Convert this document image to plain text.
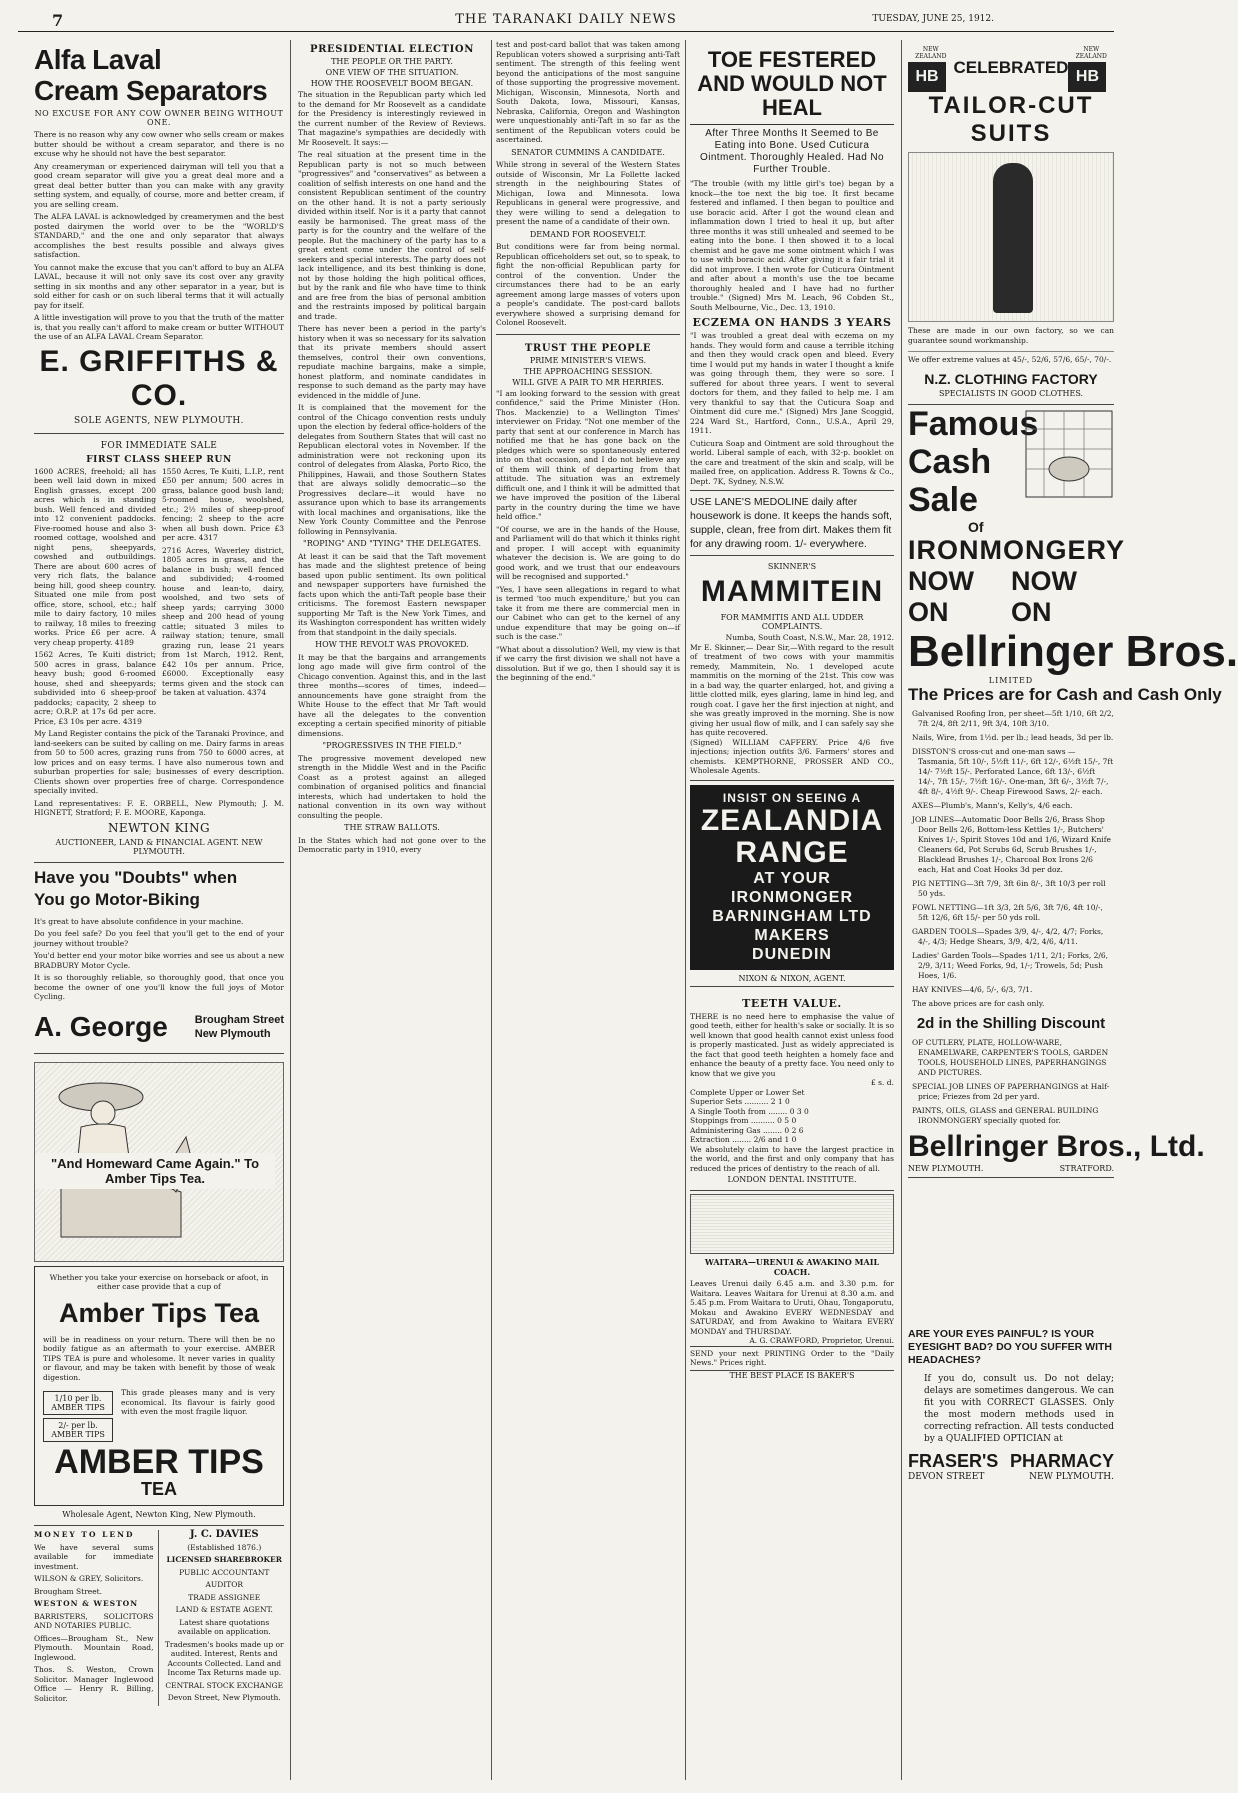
7	THE TARANAKI DAILY NEWS	TUESDAY, JUNE 25, 1912.
Alfa Laval
Cream Separators
NO EXCUSE FOR ANY COW OWNER BEING WITHOUT ONE.

There is no reason why any cow owner who sells cream or makes butter should be without a cream separator, and there is no excuse why he should not have the best separator.

Any creameryman or experienced dairyman will tell you that a good cream separator will give you a great deal more and a great deal better butter than you can make with any gravity setting system, and equally, of course, more and better cream, if you are selling cream.

The ALFA LAVAL is acknowledged by creamerymen and the best posted dairymen the world over to be the "WORLD'S STANDARD," and the one and only separator that always accomplishes the best results possible and always gives satisfaction.

You cannot make the excuse that you can't afford to buy an ALFA LAVAL, because it will not only save its cost over any gravity setting in six months and any other separator in a year, but is sold either for cash or on such liberal terms that it will actually pay for itself.

A little investigation will prove to you that the truth of the matter is, that you really can't afford to make cream or butter WITHOUT the use of an ALFA LAVAL Cream Separator.

E. GRIFFITHS & CO.
SOLE AGENTS, NEW PLYMOUTH.
FOR IMMEDIATE SALE
FIRST CLASS SHEEP RUN

1600 ACRES, freehold; all has been well laid down in mixed English grasses, except 200 acres which is in standing bush. Well fenced and divided into 12 convenient paddocks. Five-roomed house and also 3-roomed cottage, woolshed and night pens, sheepyards, cowshed and outbuildings. There are about 600 acres of very rich flats, the balance being hill, good sheep country. Situated one mile from post office, store, school, etc.; half mile to dairy factory, 10 miles to railway, 18 miles to freezing works. Price £6 per acre. A very cheap property. 4189

1562 Acres, Te Kuiti district; 500 acres in grass, balance heavy bush; good 6-roomed house, shed and sheepyards; subdivided into 6 sheep-proof paddocks; capacity, 2 sheep to acre; O.R.P. at 17s 6d per acre. Price, £3 10s per acre. 4319

1550 Acres, Te Kuiti, L.I.P., rent £50 per annum; 500 acres in grass, balance good bush land; 5-roomed house, woolshed, etc.; 2½ miles of sheep-proof fencing; 2 sheep to the acre when all bush down. Price £3 per acre. 4317

2716 Acres, Waverley district, 1805 acres in grass, and the balance in bush; well fenced and subdivided; 4-roomed house and lean-to, dairy, woolshed, and two sets of sheep yards; carrying 3000 sheep and 200 head of young cattle; situated 3 miles to railway station; tenure, small grazing run, lease 21 years from 1st March, 1912. Rent, £42 10s per annum. Price, £6000. Exceptionally easy terms given and the stock can be taken at valuation. 4374

My Land Register contains the pick of the Taranaki Province, and land-seekers can be suited by calling on me. Dairy farms in areas from 50 to 500 acres, grazing runs from 750 to 6000 acres, at low prices and on easy terms. I have also numerous town and suburban properties for sale; businesses of every description. Clients shown over properties free of charge. Correspondence specially invited.

Land representatives: F. E. ORBELL, New Plymouth; J. M. HIGNETT, Stratford; F. E. MOORE, Kaponga.

NEWTON KING
AUCTIONEER, LAND & FINANCIAL AGENT. NEW PLYMOUTH.
Have you "Doubts" when
You go Motor-Biking

It's great to have absolute confidence in your machine.

Do you feel safe? Do you feel that you'll get to the end of your journey without trouble?

You'd better end your motor bike worries and see us about a new BRADBURY Motor Cycle.

It is so thoroughly reliable, so thoroughly good, that once you become the owner of one you'll know the full joys of Motor Cycling.

A. George Brougham Street
New Plymouth
"And Homeward Came Again." To Amber Tips Tea.
Whether you take your exercise on horseback or afoot, in either case provide that a cup of
Amber Tips Tea
will be in readiness on your return. There will then be no bodily fatigue as an aftermath to your exercise. AMBER TIPS TEA is pure and wholesome. It never varies in quality or flavour, and may be taken with benefit by those of weak digestion.
1/10 per lb. AMBER TIPS
2/- per lb. AMBER TIPS
This grade pleases many and is very economical. Its flavour is fairly good with even the most fragile liquor.
AMBER TIPS
TEA
Wholesale Agent, Newton King, New Plymouth.

MONEY TO LEND

We have several sums available for immediate investment.

WILSON & GREY, Solicitors.

Brougham Street.

WESTON & WESTON

BARRISTERS, SOLICITORS AND NOTARIES PUBLIC.

Offices—Brougham St., New Plymouth. Mountain Road, Inglewood.

Thos. S. Weston, Crown Solicitor. Manager Inglewood Office — Henry R. Billing, Solicitor.

J. C. DAVIES

(Established 1876.)

LICENSED SHAREBROKER

PUBLIC ACCOUNTANT

AUDITOR

TRADE ASSIGNEE

LAND & ESTATE AGENT.

Latest share quotations available on application.

Tradesmen's books made up or audited. Interest, Rents and Accounts Collected. Land and Income Tax Returns made up.

CENTRAL STOCK EXCHANGE

Devon Street, New Plymouth.

PRESIDENTIAL ELECTION
THE PEOPLE OR THE PARTY.
ONE VIEW OF THE SITUATION.
HOW THE ROOSEVELT BOOM BEGAN.

The situation in the Republican party which led to the demand for Mr Roosevelt as a candidate for the Presidency is interestingly reviewed in the current number of the Review of Reviews. That magazine's sympathies are decidedly with Mr Roosevelt. It says:—

The real situation at the present time in the Republican party is not so much between "progressives" and "conservatives" as between a coalition of selfish interests on one hand and the consistent Republican sentiment of the country on the other hand. It is not a party seriously divided within itself. Nor is it a party that cannot easily be harmonised. The great mass of the party is for the country and the welfare of the people. But the machinery of the party has to a great extent come under the control of self-seekers and special interests. The party does not lack intelligence, and its best thinking is done, not by those holding the high political offices, but by the rank and file who have time to think and are free from the bias of personal ambition and the restraints imposed by political bargain and trade.

There has never been a period in the party's history when it was so necessary for its salvation that its private members should assert themselves, control their own conventions, repudiate machine bargains, make a simple, honest platform, and nominate candidates in response to such demand as the party may have evidenced in the middle of June.

It is complained that the movement for the control of the Chicago convention rests unduly upon the election by federal office-holders of the delegates from Southern States that will cast no Republican electoral votes in November. If the administration were not reckoning upon its control of delegates from Alaska, Porto Rico, the Philippines, Hawaii, and those Southern States that are always solidly democratic—so the Progressives declare—it would have no assurance upon which to base its arrangements with local machines and organisations, like the New York County Committee and the Penrose following in Pennsylvania.

"ROPING" AND "TYING" THE DELEGATES.

At least it can be said that the Taft movement has made and the slightest pretence of being based upon public sentiment. Its own political and newspaper supporters have furnished the facts upon which the anti-Taft people base their criticisms. The foremost Eastern newspaper supporting Mr Taft is the New York Times, and its Washington correspondent has written widely from that standpoint in the daily specials.

HOW THE REVOLT WAS PROVOKED.

It may be that the bargains and arrangements long ago made will give firm control of the Chicago convention. Against this, and in the last three months—scores of times, indeed—announcements have gone straight from the White House to the effect that Mr Taft would have all the delegates to the convention excepting a certain specified minority of pitiable dimensions.

"PROGRESSIVES IN THE FIELD."

The progressive movement developed new strength in the Middle West and in the Pacific Coast as a protest against an alleged combination of organised politics and financial interests, which had undertaken to hold the national convention in its own way without consulting the people.

THE STRAW BALLOTS.

In the States which had not gone over to the Democratic party in 1910, every

test and post-card ballot that was taken among Republican voters showed a surprising anti-Taft sentiment. The strength of this feeling went beyond the anticipations of the most sanguine of those supporting the progressive movement. Michigan, Wisconsin, Minnesota, North and South Dakota, Iowa, Missouri, Kansas, Nebraska, California, Oregon and Washington were unquestionably anti-Taft in so far as the sentiment of the Republican voters could be ascertained.

SENATOR CUMMINS A CANDIDATE.

While strong in several of the Western States outside of Wisconsin, Mr La Follette lacked strength in the neighbouring States of Michigan, Iowa and Minnesota. Iowa Republicans in general were progressive, and they were willing to send a delegation to present the name of a candidate of their own.

DEMAND FOR ROOSEVELT.

But conditions were far from being normal. Republican officeholders set out, so to speak, to fight the non-official Republican party for control of the convention. Under the circumstances there had to be an early agreement among large masses of voters upon a people's candidate. The post-card ballots everywhere showed a surprising demand for Colonel Roosevelt.

TRUST THE PEOPLE
PRIME MINISTER'S VIEWS.
THE APPROACHING SESSION.
WILL GIVE A PAIR TO MR HERRIES.

"I am looking forward to the session with great confidence," said the Prime Minister (Hon. Thos. Mackenzie) to a Wellington Times' interviewer on Friday. "Not one member of the party that sent at our conference in March has notified me that he has gone back on the pledges which were so spontaneously entered into on that occasion, and I do not believe any of them will think of departing from that attitude. The situation was an extremely difficult one, and I think it will be admitted that we have improved the position of the Liberal party in the country during the time we have held office."

"Of course, we are in the hands of the House, and Parliament will do that which it thinks right and proper. I will accept with equanimity whatever the decision is. We are going to do good work, and we trust that our endeavours will be recognised and supported."

"Yes, I have seen allegations in regard to what is termed 'too much expenditure,' but you can take it from me there are commercial men in our Cabinet who can get to the kernel of any undue expenditure that may be going on—if such is the case."

"What about a dissolution? Well, my view is that if we carry the first division we shall not have a dissolution. But if we go, then I should say it is the beginning of the end."

TOE FESTERED AND WOULD NOT HEAL
After Three Months It Seemed to Be Eating into Bone. Used Cuticura Ointment. Thoroughly Healed. Had No Further Trouble.
"The trouble (with my little girl's toe) began by a knock—the toe next the big toe. It first became festered and inflamed. I then began to poultice and use boracic acid. After I got the wound clean and inflammation down I tried to heal it up, but after three months it was still unhealed and seemed to be eating into the bone. I then showed it to a local chemist and he gave me some ointment which I was to use with boracic acid. After giving it a fair trial it did not improve. I then wrote for Cuticura Ointment and after about a month's use the toe became thoroughly healed and I have had no further trouble." (Signed) Mrs M. Leach, 96 Cobden St., South Melbourne, Vic., Dec. 13, 1910.
ECZEMA ON HANDS 3 YEARS
"I was troubled a great deal with eczema on my hands. They would form and cause a terrible itching and then they would crack open and bleed. Every time I would put my hands in water I thought a knife was going through them, they were so sore. I suffered for about three years. I went to several doctors for them, and they failed to help me. I am very thankful to say that the Cuticura Soap and Ointment did cure me." (Signed) Mrs Jane Scoggid, 224 Ward St., Hartford, Conn., U.S.A., April 29, 1911.
Cuticura Soap and Ointment are sold throughout the world. Liberal sample of each, with 32-p. booklet on the care and treatment of the skin and scalp, will be mailed free, on application. Address R. Towns & Co., Dept. 7K, Sydney, N.S.W.
USE LANE'S MEDOLINE daily after housework is done. It keeps the hands soft, supple, clean, free from dirt. Makes them fit for any drawing room. 1/- everywhere.
SKINNER'S
MAMMITEIN
FOR MAMMITIS AND ALL UDDER COMPLAINTS.
Numba, South Coast, N.S.W., Mar. 28, 1912.
Mr E. Skinner,— Dear Sir,—With regard to the result of treatment of two cows with your mammitis remedy, Mammitein, No. 1 developed acute mammitis on the morning of the 21st. This cow was in a bad way, the quarter enlarged, hot, and giving a little clotted milk, eyes glaring, lame in hind leg, and rough coat. I gave her the first injection at night, and she was greatly improved in the morning. She is now giving her usual flow of milk, and I can safely say she has quite recovered.
(Signed) WILLIAM CAFFERY. Price 4/6 five injections; injection outfits 3/6. Farmers' stores and chemists. KEMPTHORNE, PROSSER AND CO., Wholesale Agents.
INSIST ON SEEING A
ZEALANDIA
RANGE
AT YOUR IRONMONGER
BARNINGHAM LTD
MAKERS
DUNEDIN
NIXON & NIXON, AGENT.
TEETH VALUE.
THERE is no need here to emphasise the value of good teeth, either for health's sake or socially. It is so well known that good health cannot exist unless food is properly masticated. Just as widely appreciated is the fact that good teeth heighten a homely face and enhance the beauty of a pretty face. You need only to know that we give you
£ s. d.
Complete Upper or Lower Set
Superior Sets .......... 2 1 0
A Single Tooth from ........ 0 3 0
Stoppings from .......... 0 5 0
Administering Gas ........ 0 2 6
Extraction ........ 2/6 and 1 0
We absolutely claim to have the largest practice in the world, and the first and only company that has reduced the prices of dentistry to the reach of all.
LONDON DENTAL INSTITUTE.
WAITARA—URENUI & AWAKINO MAIL COACH.
Leaves Urenui daily 6.45 a.m. and 3.30 p.m. for Waitara. Leaves Waitara for Urenui at 8.30 a.m. and 5.45 p.m. From Waitara to Uruti, Ohau, Tongaporutu, Mokau and Awakino EVERY WEDNESDAY and SATURDAY, and from Awakino to Waitara EVERY MONDAY and THURSDAY.
A. G. CRAWFORD, Proprietor, Urenui.
SEND your next PRINTING Order to the "Daily News." Prices right.
THE BEST PLACE IS BAKER'S
NEW ZEALAND
HB CELEBRATED
NEW ZEALAND
HB
TAILOR-CUT SUITS
These are made in our own factory, so we can guarantee sound workmanship.
We offer extreme values at 45/-, 52/6, 57/6, 65/-, 70/-.
N.Z. CLOTHING FACTORY
SPECIALISTS IN GOOD CLOTHES.
Famous
Cash
Sale
Of
IRONMONGERY
NOW ON
NOW ON
Bellringer Bros.
LIMITED
The Prices are for Cash and Cash Only

Galvanised Roofing Iron, per sheet—5ft 1/10, 6ft 2/2, 7ft 2/4, 8ft 2/11, 9ft 3/4, 10ft 3/10.

Nails, Wire, from 1½d. per lb.; lead heads, 3d per lb.

DISSTON'S cross-cut and one-man saws — Tasmania, 5ft 10/-, 5½ft 11/-, 6ft 12/-, 6½ft 15/-, 7ft 14/- 7½ft 15/-. Perforated Lance, 6ft 13/-, 6½ft 14/-, 7ft 15/-, 7½ft 16/-. One-man, 3ft 6/-, 3½ft 7/-, 4ft 8/-, 4½ft 9/-. Cheap Firewood Saws, 2/- each.

AXES—Plumb's, Mann's, Kelly's, 4/6 each.

JOB LINES—Automatic Door Bells 2/6, Brass Shop Door Bells 2/6, Bottom-less Kettles 1/-, Butchers' Knives 1/-, Spirit Stoves 10d and 1/6, Wizard Knife Cleaners 6d, Pot Scrubs 6d, Scrub Brushes 1/-, Blacklead Brushes 1/-, Charcoal Box Irons 2/6 each, Hat and Coat Hooks 3d per doz.

PIG NETTING—3ft 7/9, 3ft 6in 8/-, 3ft 10/3 per roll 50 yds.

FOWL NETTING—1ft 3/3, 2ft 5/6, 3ft 7/6, 4ft 10/-, 5ft 12/6, 6ft 15/- per 50 yds roll.

GARDEN TOOLS—Spades 3/9, 4/-, 4/2, 4/7; Forks, 4/-, 4/3; Hedge Shears, 3/9, 4/2, 4/6, 4/11.

Ladies' Garden Tools—Spades 1/11, 2/1; Forks, 2/6, 2/9, 3/11; Weed Forks, 9d, 1/-; Trowels, 5d; Push Hoes, 1/6.

HAY KNIVES—4/6, 5/-, 6/3, 7/1.

The above prices are for cash only.

2d in the Shilling Discount

OF CUTLERY, PLATE, HOLLOW-WARE, ENAMELWARE, CARPENTER'S TOOLS, GARDEN TOOLS, HOUSEHOLD LINES, PAPERHANGINGS AND PICTURES.

SPECIAL JOB LINES OF PAPERHANGINGS at Half-price; Friezes from 2d per yard.

PAINTS, OILS, GLASS and GENERAL BUILDING IRONMONGERY specially quoted for.

Bellringer Bros., Ltd.
NEW PLYMOUTH.	STRATFORD.
ARE YOUR EYES PAINFUL? IS YOUR EYESIGHT BAD? DO YOU SUFFER WITH HEADACHES?
If you do, consult us. Do not delay; delays are sometimes dangerous. We can fit you with CORRECT GLASSES. Only the most modern methods used in correcting refraction. All tests conducted by a QUALIFIED OPTICIAN at
FRASER'S PHARMACY
DEVON STREET	NEW PLYMOUTH.
